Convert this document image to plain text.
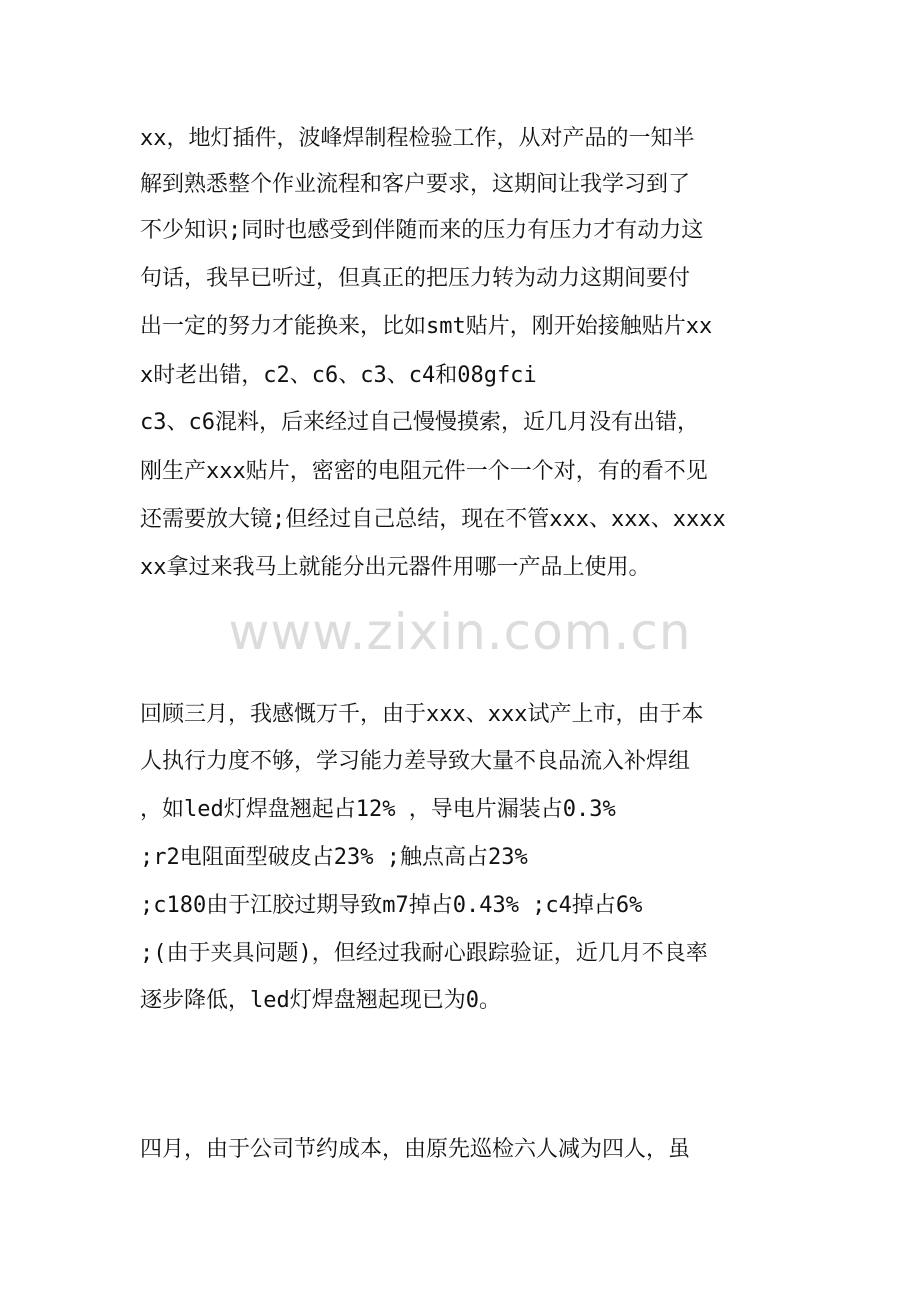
xx，地灯插件，波峰焊制程检验工作，从对产品的一知半
解到熟悉整个作业流程和客户要求，这期间让我学习到了
不少知识;同时也感受到伴随而来的压力有压力才有动力这
句话，我早已听过，但真正的把压力转为动力这期间要付
出一定的努力才能换来，比如smt贴片，刚开始接触贴片xx
x时老出错，c2、c6、c3、c4和08gfci
c3、c6混料，后来经过自己慢慢摸索，近几月没有出错，
刚生产xxx贴片，密密的电阻元件一个一个对，有的看不见
还需要放大镜;但经过自己总结，现在不管xxx、xxx、xxxx
xx拿过来我马上就能分出元器件用哪一产品上使用。
www.zixin.com.cn
回顾三月，我感慨万千，由于xxx、xxx试产上市，由于本
人执行力度不够，学习能力差导致大量不良品流入补焊组
，如led灯焊盘翘起占12% ，导电片漏装占0.3%
;r2电阻面型破皮占23% ;触点高占23%
;c180由于江胶过期导致m7掉占0.43% ;c4掉占6%
;(由于夹具问题)，但经过我耐心跟踪验证，近几月不良率
逐步降低，led灯焊盘翘起现已为0。
四月，由于公司节约成本，由原先巡检六人减为四人，虽
